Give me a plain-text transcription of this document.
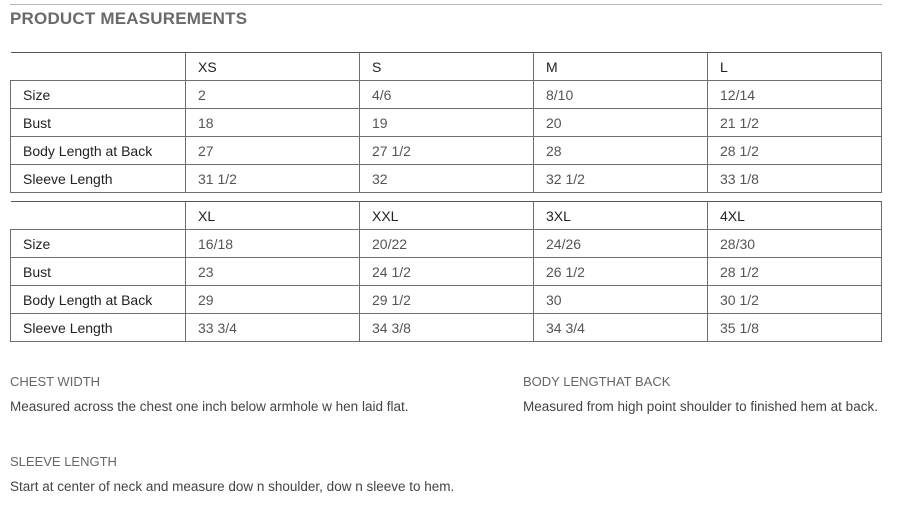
PRODUCT MEASUREMENTS
	XS	S	M	L
Size	2	4/6	8/10	12/14
Bust	18	19	20	21 1/2
Body Length at Back	27	27 1/2	28	28 1/2
Sleeve Length	31 1/2	32	32 1/2	33 1/8
	XL	XXL	3XL	4XL
Size	16/18	20/22	24/26	28/30
Bust	23	24 1/2	26 1/2	28 1/2
Body Length at Back	29	29 1/2	30	30 1/2
Sleeve Length	33 3/4	34 3/8	34 3/4	35 1/8
CHEST WIDTH
Measured across the chest one inch below armhole w hen laid flat.
BODY LENGTHAT BACK
Measured from high point shoulder to finished hem at back.
SLEEVE LENGTH
Start at center of neck and measure dow n shoulder, dow n sleeve to hem.
